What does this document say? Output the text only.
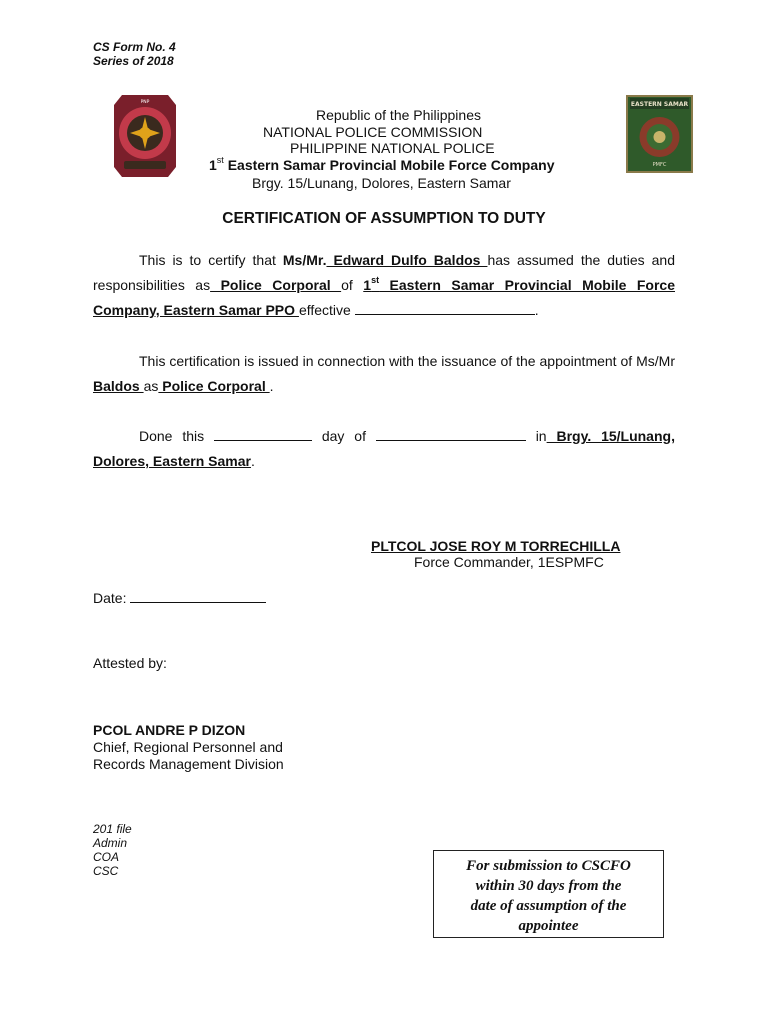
CS Form No. 4
Series of 2018
PNP	EASTERN SAMAR
PMFC
Republic of the Philippines
NATIONAL POLICE COMMISSION
PHILIPPINE NATIONAL POLICE
1st Eastern Samar Provincial Mobile Force Company
Brgy. 15/Lunang, Dolores, Eastern Samar
CERTIFICATION OF ASSUMPTION TO DUTY
This is to certify that Ms/Mr. Edward Dulfo Baldos has assumed the duties and responsibilities as Police Corporal of 1st Eastern Samar Provincial Mobile Force Company, Eastern Samar PPO effective	.
This certification is issued in connection with the issuance of the appointment of Ms/Mr Baldos as Police Corporal .
Done this	day of	in Brgy. 15/Lunang, Dolores, Eastern Samar.
PLTCOL JOSE ROY M TORRECHILLA
Force Commander, 1ESPMFC
Date:
Attested by:
PCOL ANDRE P DIZON
Chief, Regional Personnel and
Records Management Division
201 file
Admin
COA
CSC	For submission to CSCFO
within 30 days from the
date of assumption of the
appointee
